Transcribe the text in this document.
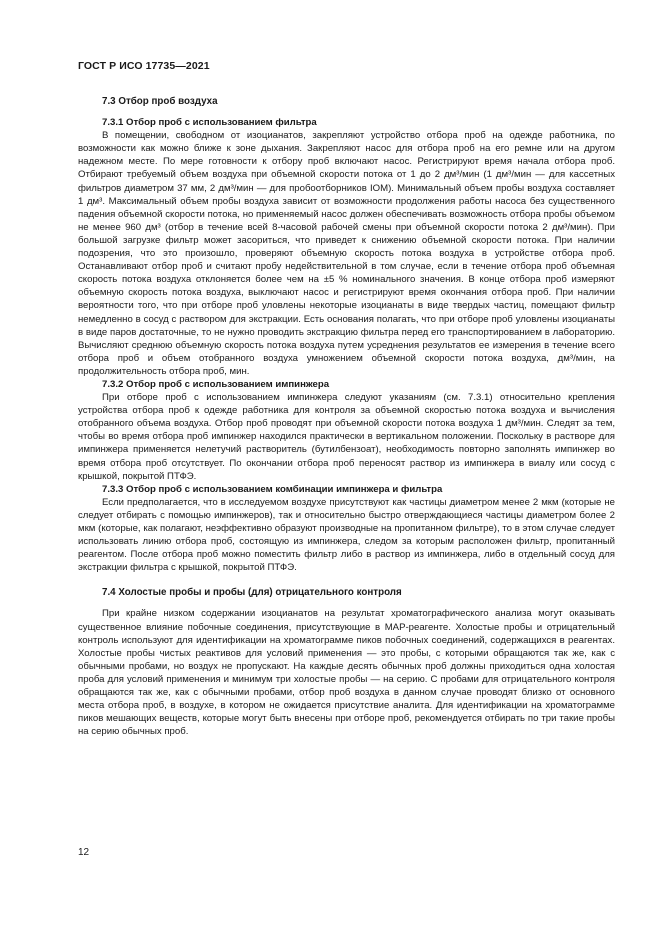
ГОСТ Р ИСО 17735—2021
7.3 Отбор проб воздуха
7.3.1 Отбор проб с использованием фильтра

В помещении, свободном от изоцианатов, закрепляют устройство отбора проб на одежде работника, по возможности как можно ближе к зоне дыхания. Закрепляют насос для отбора проб на его ремне или на другом надежном месте. По мере готовности к отбору проб включают насос. Регистрируют время начала отбора проб. Отбирают требуемый объем воздуха при объемной скорости потока от 1 до 2 дм³/мин (1 дм³/мин — для кассетных фильтров диаметром 37 мм, 2 дм³/мин — для пробоотборников IOM). Минимальный объем пробы воздуха составляет 1 дм³. Максимальный объем пробы воздуха зависит от возможности продолжения работы насоса без существенного падения объемной скорости потока, но применяемый насос должен обеспечивать возможность отбора пробы объемом не менее 960 дм³ (отбор в течение всей 8-часовой рабочей смены при объемной скорости потока 2 дм³/мин). При большой загрузке фильтр может засориться, что приведет к снижению объемной скорости потока. При наличии подозрения, что это произошло, проверяют объемную скорость потока воздуха в устройстве отбора проб. Останавливают отбор проб и считают пробу недействительной в том случае, если в течение отбора проб объемная скорость потока воздуха отклоняется более чем на ±5 % номинального значения. В конце отбора проб измеряют объемную скорость потока воздуха, выключают насос и регистрируют время окончания отбора проб. При наличии вероятности того, что при отборе проб уловлены некоторые изоцианаты в виде твердых частиц, помещают фильтр немедленно в сосуд с раствором для экстракции. Есть основания полагать, что при отборе проб уловлены изоцианаты в виде паров достаточные, то не нужно проводить экстракцию фильтра перед его транспортированием в лабораторию. Вычисляют среднюю объемную скорость потока воздуха путем усреднения результатов ее измерения в течение всего отбора проб и объем отобранного воздуха умножением объемной скорости потока воздуха, дм³/мин, на продолжительность отбора проб, мин.

7.3.2 Отбор проб с использованием импинжера

При отборе проб с использованием импинжера следуют указаниям (см. 7.3.1) относительно крепления устройства отбора проб к одежде работника для контроля за объемной скоростью потока воздуха и вычисления отобранного объема воздуха. Отбор проб проводят при объемной скорости потока воздуха 1 дм³/мин. Следят за тем, чтобы во время отбора проб импинжер находился практически в вертикальном положении. Поскольку в растворе для импинжера применяется нелетучий растворитель (бутилбензоат), необходимость повторно заполнять импинжер во время отбора проб отсутствует. По окончании отбора проб переносят раствор из импинжера в виалу или сосуд с крышкой, покрытой ПТФЭ.

7.3.3 Отбор проб с использованием комбинации импинжера и фильтра

Если предполагается, что в исследуемом воздухе присутствуют как частицы диаметром менее 2 мкм (которые не следует отбирать с помощью импинжеров), так и относительно быстро отверждающиеся частицы диаметром более 2 мкм (которые, как полагают, неэффективно образуют производные на пропитанном фильтре), то в этом случае следует использовать линию отбора проб, состоящую из импинжера, следом за которым расположен фильтр, пропитанный реагентом. После отбора проб можно поместить фильтр либо в раствор из импинжера, либо в отдельный сосуд для экстракции фильтра с крышкой, покрытой ПТФЭ.

7.4 Холостые пробы и пробы (для) отрицательного контроля

При крайне низком содержании изоцианатов на результат хроматографического анализа могут оказывать существенное влияние побочные соединения, присутствующие в МАР-реагенте. Холостые пробы и отрицательный контроль используют для идентификации на хроматограмме пиков побочных соединений, содержащихся в реагентах. Холостые пробы чистых реактивов для условий применения — это пробы, с которыми обращаются так же, как с обычными пробами, но воздух не пропускают. На каждые десять обычных проб должны приходиться одна холостая проба для условий применения и минимум три холостые пробы — на серию. С пробами для отрицательного контроля обращаются так же, как с обычными пробами, отбор проб воздуха в данном случае проводят близко от основного места отбора проб, в воздухе, в котором не ожидается присутствие аналита. Для идентификации на хроматограмме пиков мешающих веществ, которые могут быть внесены при отборе проб, рекомендуется отбирать по три такие пробы на серию обычных проб.

12
